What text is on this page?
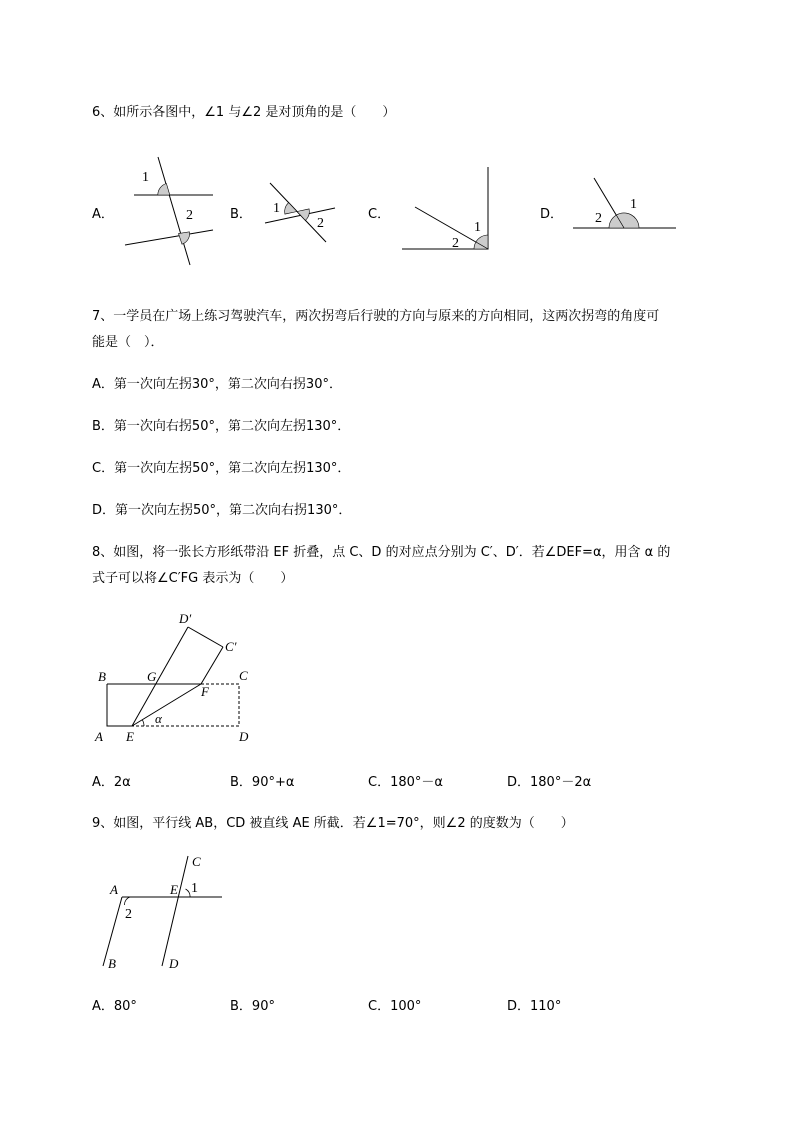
6、如所示各图中，∠1 与∠2 是对顶角的是（　　）
A．
1
2	B． 1
2
C．
1
2
D．
1
2
7、一学员在广场上练习驾驶汽车，两次拐弯后行驶的方向与原来的方向相同，这两次拐弯的角度可
能是（　）．
A．第一次向左拐30°，第二次向右拐30°．
B．第一次向右拐50°，第二次向左拐130°．
C．第一次向左拐50°，第二次向左拐130°．
D．第一次向左拐50°，第二次向右拐130°．
8、如图，将一张长方形纸带沿 EF 折叠，点 C、D 的对应点分别为 C′、D′．若∠DEF=α，用含 α 的
式子可以将∠C′FG 表示为（　　）
B	G	C
F
D′
C′
α
A E	D
A．2α	B．90°+α	C．180°－α	D．180°－2α
9、如图，平行线 AB，CD 被直线 AE 所截．若∠1=70°，则∠2 的度数为（　　）
A	E
C
1
2
B	D
A．80°	B．90°	C．100°	D．110°
